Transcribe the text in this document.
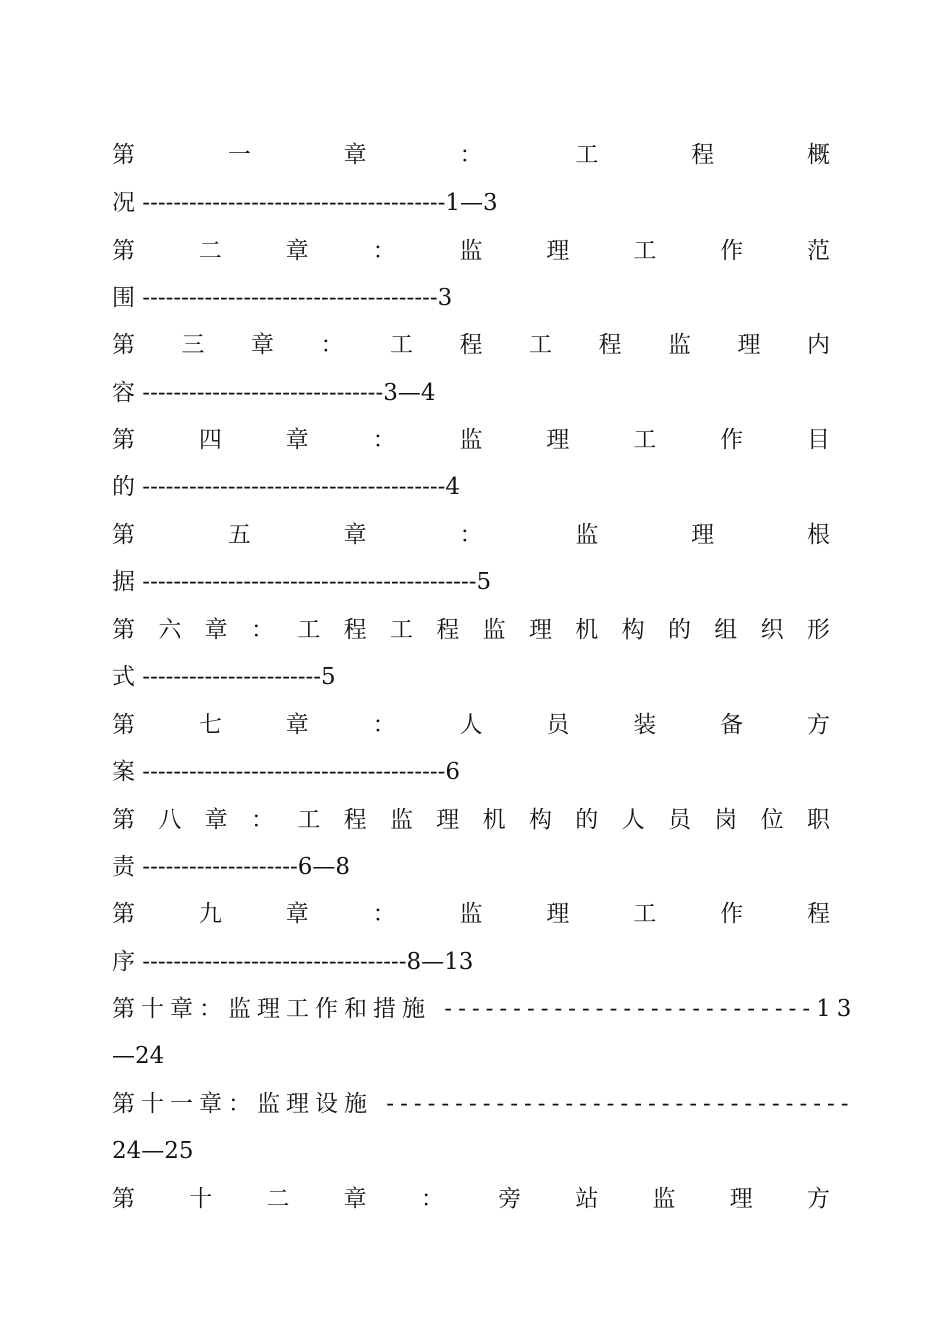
第	一	章	：	工	程	概
况 ---------------------------------------1—3
第	二	章	：	监	理	工	作	范
围 --------------------------------------3
第 三 章 ： 工 程 工 程 监 理 内
容 -------------------------------3—4
第	四	章	：	监	理	工	作	目
的 ---------------------------------------4
第	五	章	：	监	理	根
据 -------------------------------------------5
第 六 章 ： 工 程 工 程 监 理 机 构 的 组 织 形
式 -----------------------5
第	七	章	：	人	员	装	备	方
案 ---------------------------------------6
第 八 章 ： 工 程 监 理 机 构 的 人 员 岗 位 职
责 --------------------6—8
第	九	章	：	监	理	工	作	程
序 ----------------------------------8—13
第十章：监理工作和措施 ---------------------------13
—24
第十一章：监理设施 ----------------------------------
24—25
第 十 二 章 ： 旁 站 监 理 方
